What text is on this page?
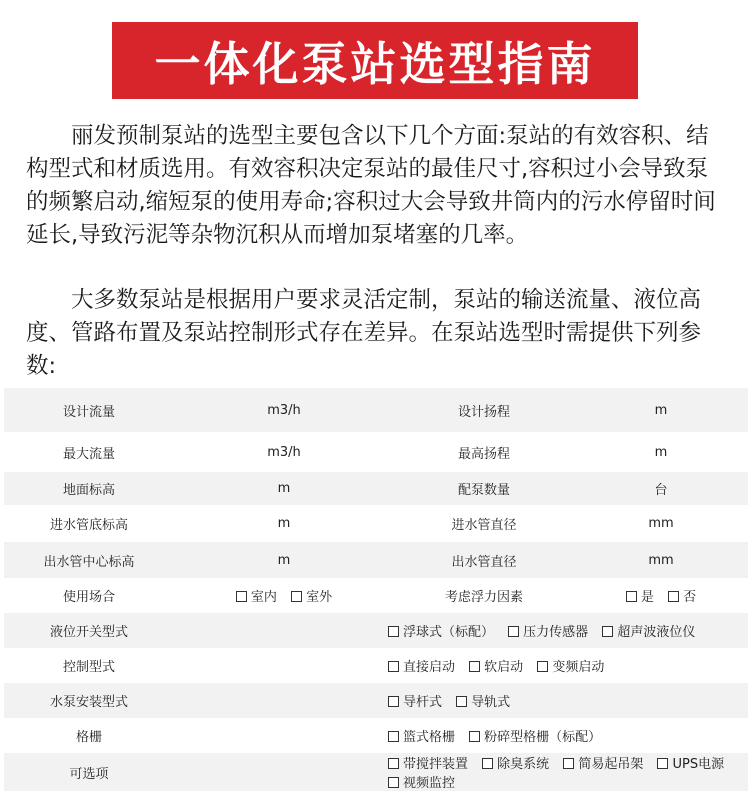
一体化泵站选型指南

丽发预制泵站的选型主要包含以下几个方面:泵站的有效容积、结构型式和材质选用。有效容积决定泵站的最佳尺寸,容积过小会导致泵的频繁启动,缩短泵的使用寿命;容积过大会导致井筒内的污水停留时间延长,导致污泥等杂物沉积从而增加泵堵塞的几率。

大多数泵站是根据用户要求灵活定制，泵站的输送流量、液位高度、管路布置及泵站控制形式存在差异。在泵站选型时需提供下列参数:

设计流量	m3/h	设计扬程	m
最大流量	m3/h	最高扬程	m
地面标高	m	配泵数量	台
进水管底标高	m	进水管直径	mm
出水管中心标高	m	出水管直径	mm
使用场合	室内 室外	考虑浮力因素	是 否
液位开关型式	浮球式（标配） 压力传感器 超声波液位仪		
控制型式	直接启动 软启动 变频启动		
水泵安装型式	导杆式 导轨式		
格栅	篮式格栅 粉碎型格栅（标配）		
可选项	带搅拌装置 除臭系统 简易起吊架 UPS电源 视频监控		
